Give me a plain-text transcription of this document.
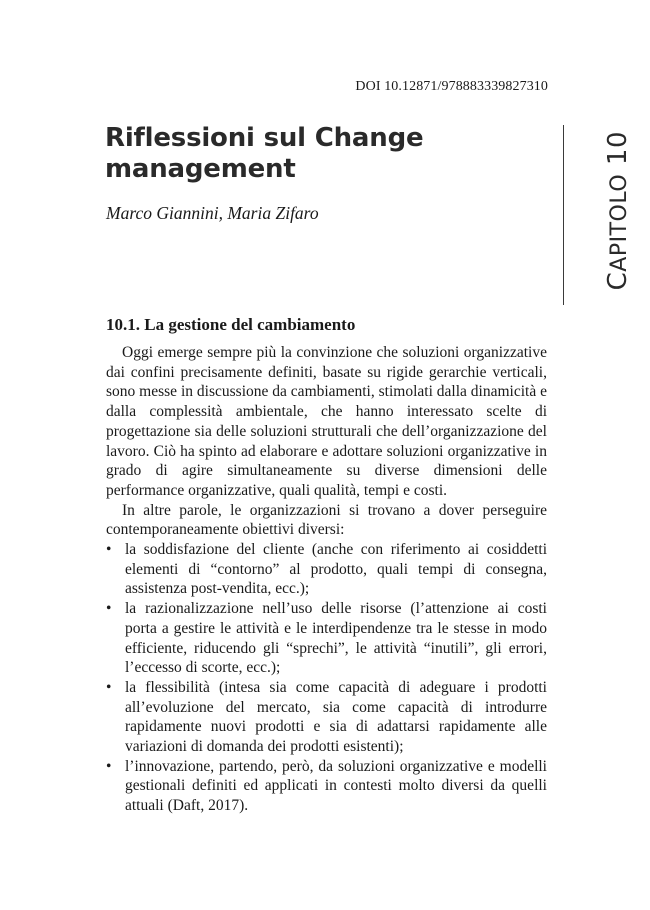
DOI 10.12871/978883339827310
Riflessioni sul Change management
Marco Giannini, Maria Zifaro
CAPITOLO 10
10.1. La gestione del cambiamento

Oggi emerge sempre più la convinzione che soluzioni organizzative dai confini precisamente definiti, basate su rigide gerarchie verticali, sono messe in discussione da cambiamenti, stimolati dalla dinamicità e dalla complessità ambientale, che hanno interessato scelte di progettazione sia delle soluzioni strutturali che dell’organizzazione del lavoro. Ciò ha spinto ad elaborare e adottare soluzioni organizzative in grado di agire simultaneamente su diverse dimensioni delle performance organizzative, quali qualità, tempi e costi.

In altre parole, le organizzazioni si trovano a dover perseguire contemporaneamente obiettivi diversi:

• la soddisfazione del cliente (anche con riferimento ai cosiddetti elementi di “contorno” al prodotto, quali tempi di consegna, assistenza post-vendita, ecc.);
• la razionalizzazione nell’uso delle risorse (l’attenzione ai costi porta a gestire le attività e le interdipendenze tra le stesse in modo efficiente, riducendo gli “sprechi”, le attività “inutili”, gli errori, l’eccesso di scorte, ecc.);
• la flessibilità (intesa sia come capacità di adeguare i prodotti all’evoluzione del mercato, sia come capacità di introdurre rapidamente nuovi prodotti e sia di adattarsi rapidamente alle variazioni di domanda dei prodotti esistenti);
• l’innovazione, partendo, però, da soluzioni organizzative e modelli gestionali definiti ed applicati in contesti molto diversi da quelli attuali (Daft, 2017).
